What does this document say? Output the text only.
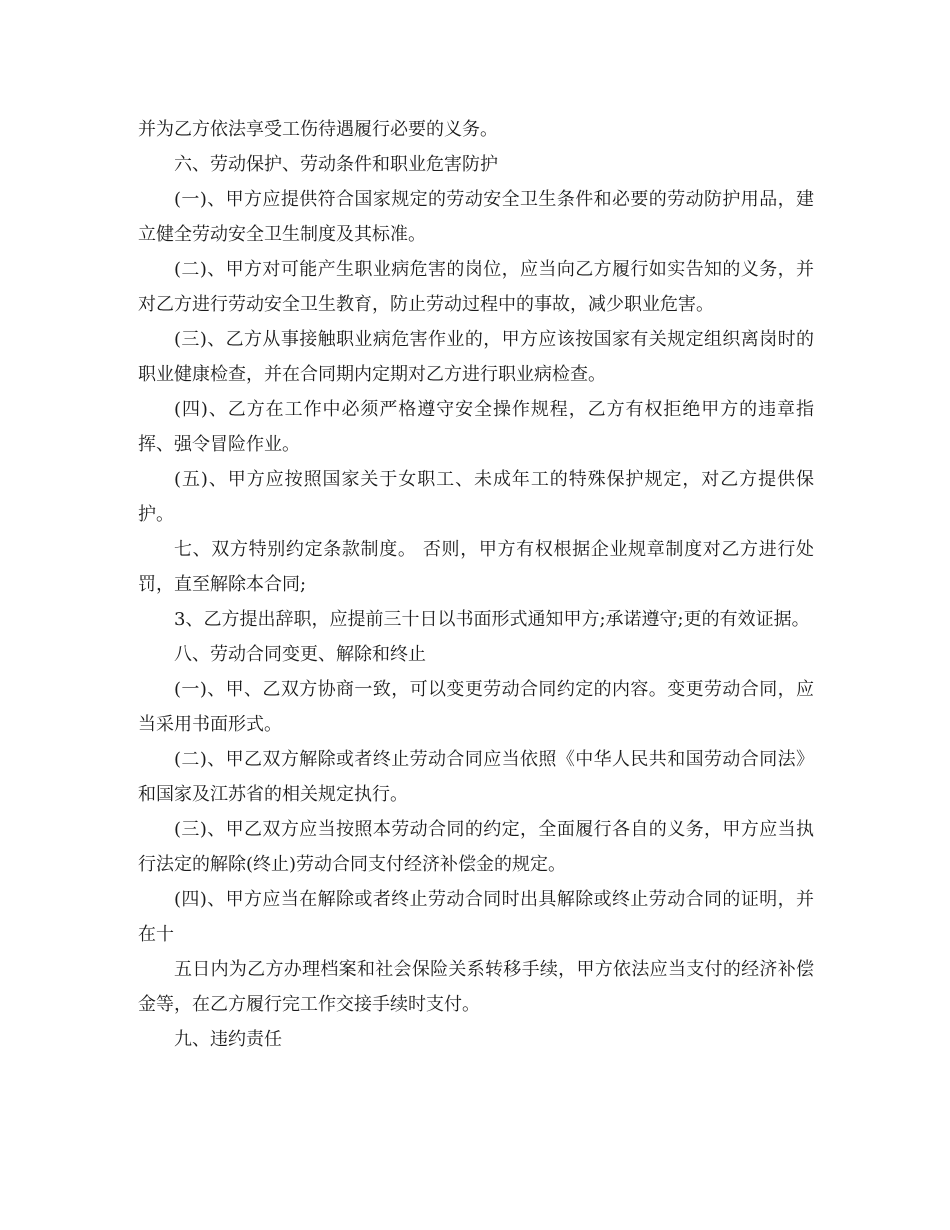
并为乙方依法享受工伤待遇履行必要的义务。

六、劳动保护、劳动条件和职业危害防护

(一)、甲方应提供符合国家规定的劳动安全卫生条件和必要的劳动防护用品，建立健全劳动安全卫生制度及其标准。

(二)、甲方对可能产生职业病危害的岗位，应当向乙方履行如实告知的义务，并对乙方进行劳动安全卫生教育，防止劳动过程中的事故，减少职业危害。

(三)、乙方从事接触职业病危害作业的，甲方应该按国家有关规定组织离岗时的职业健康检查，并在合同期内定期对乙方进行职业病检查。

(四)、乙方在工作中必须严格遵守安全操作规程，乙方有权拒绝甲方的违章指挥、强令冒险作业。

(五)、甲方应按照国家关于女职工、未成年工的特殊保护规定，对乙方提供保护。

七、双方特别约定条款制度。 否则，甲方有权根据企业规章制度对乙方进行处罚，直至解除本合同;

3、乙方提出辞职，应提前三十日以书面形式通知甲方;承诺遵守;更的有效证据。

八、劳动合同变更、解除和终止

(一)、甲、乙双方协商一致，可以变更劳动合同约定的内容。变更劳动合同，应当采用书面形式。

(二)、甲乙双方解除或者终止劳动合同应当依照《中华人民共和国劳动合同法》和国家及江苏省的相关规定执行。

(三)、甲乙双方应当按照本劳动合同的约定，全面履行各自的义务，甲方应当执行法定的解除(终止)劳动合同支付经济补偿金的规定。

(四)、甲方应当在解除或者终止劳动合同时出具解除或终止劳动合同的证明，并在十

五日内为乙方办理档案和社会保险关系转移手续，甲方依法应当支付的经济补偿金等，在乙方履行完工作交接手续时支付。

九、违约责任
